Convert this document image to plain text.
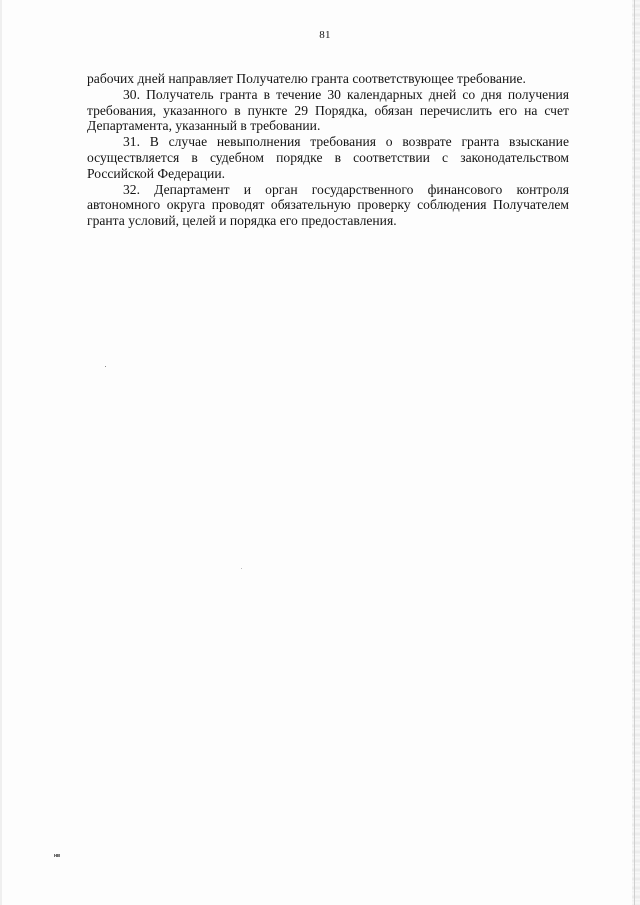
81

рабочих дней направляет Получателю гранта соответствующее требование.

30. Получатель гранта в течение 30 календарных дней со дня получения требования, указанного в пункте 29 Порядка, обязан перечислить его на счет Департамента, указанный в требовании.

31. В случае невыполнения требования о возврате гранта взыскание осуществляется в судебном порядке в соответствии с законодательством Российской Федерации.

32. Департамент и орган государственного финансового контроля автономного округа проводят обязательную проверку соблюдения Получателем гранта условий, целей и порядка его предоставления.

нв
